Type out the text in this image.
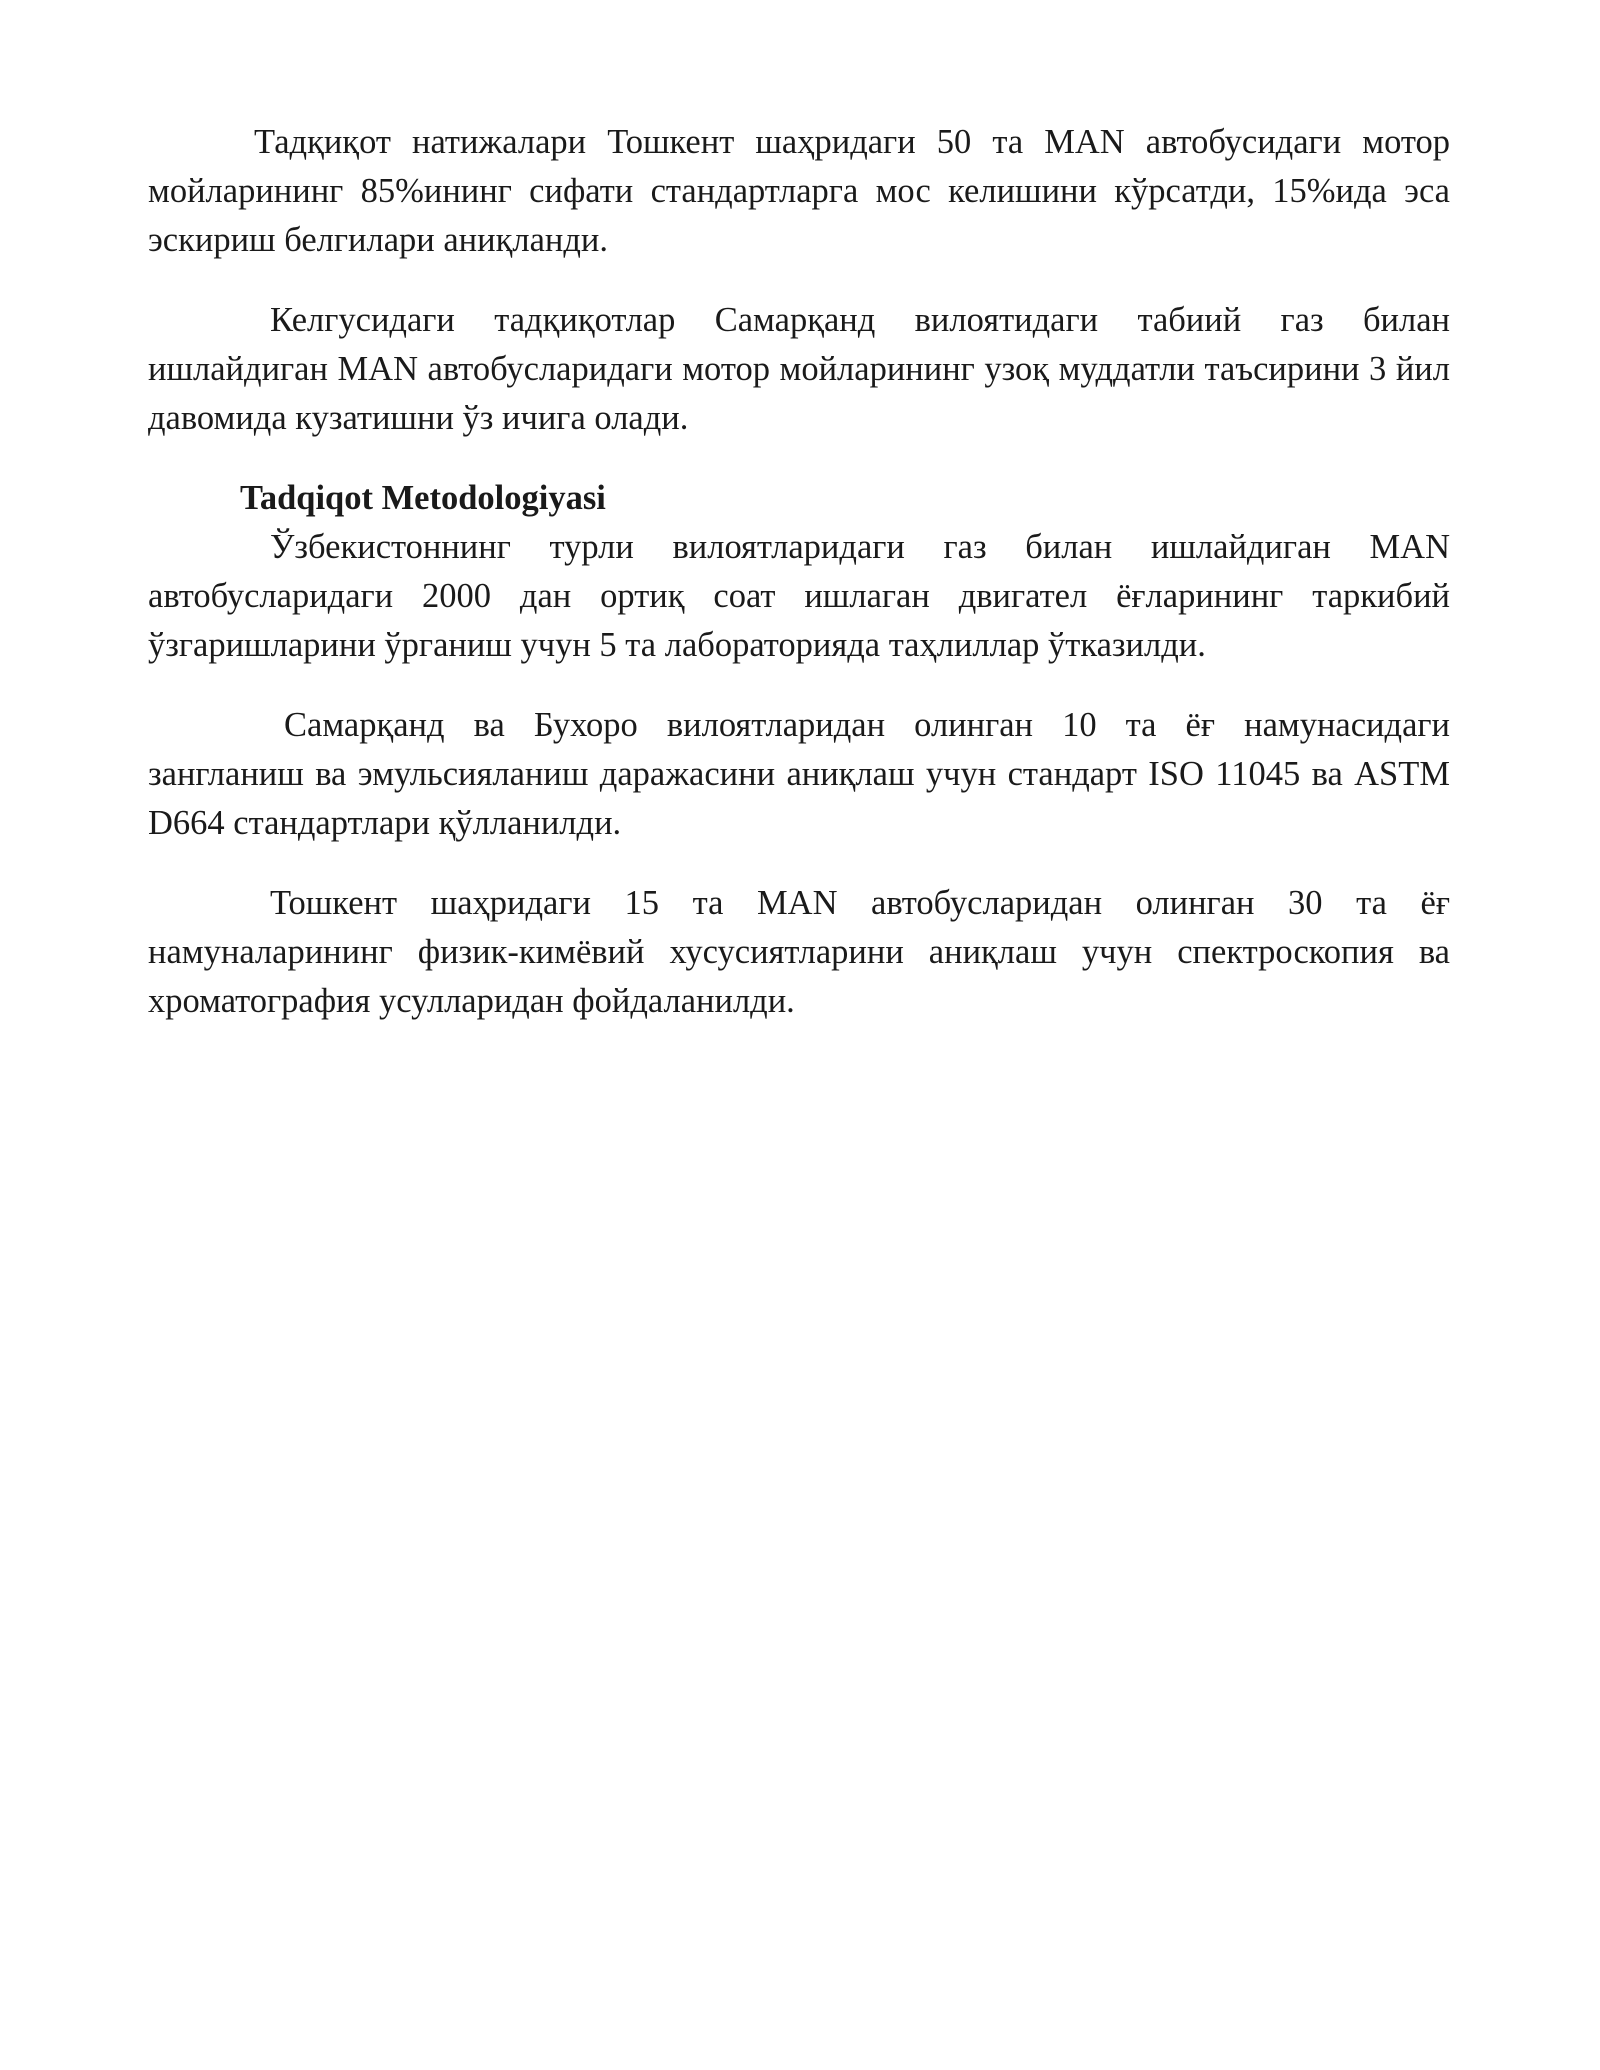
Тадқиқот натижалари Тошкент шаҳридаги 50 та MAN автобусидаги мотор мойларининг 85%ининг сифати стандартларга мос келишини кўрсатди, 15%ида эса эскириш белгилари аниқланди.

Келгусидаги тадқиқотлар Самарқанд вилоятидаги табиий газ билан ишлайдиган MAN автобусларидаги мотор мойларининг узоқ муддатли таъсирини 3 йил давомида кузатишни ўз ичига олади.

Tadqiqot Metodologiyasi

Ўзбекистоннинг турли вилоятларидаги газ билан ишлайдиган MAN автобусларидаги 2000 дан ортиқ соат ишлаган двигател ёғларининг таркибий ўзгаришларини ўрганиш учун 5 та лабораторияда таҳлиллар ўтказилди.

Самарқанд ва Бухоро вилоятларидан олинган 10 та ёғ намунасидаги зангланиш ва эмульсияланиш даражасини аниқлаш учун стандарт ISO 11045 ва ASTM D664 стандартлари қўлланилди.

Тошкент шаҳридаги 15 та MAN автобусларидан олинган 30 та ёғ намуналарининг физик-кимёвий хусусиятларини аниқлаш учун спектроскопия ва хроматография усулларидан фойдаланилди.
